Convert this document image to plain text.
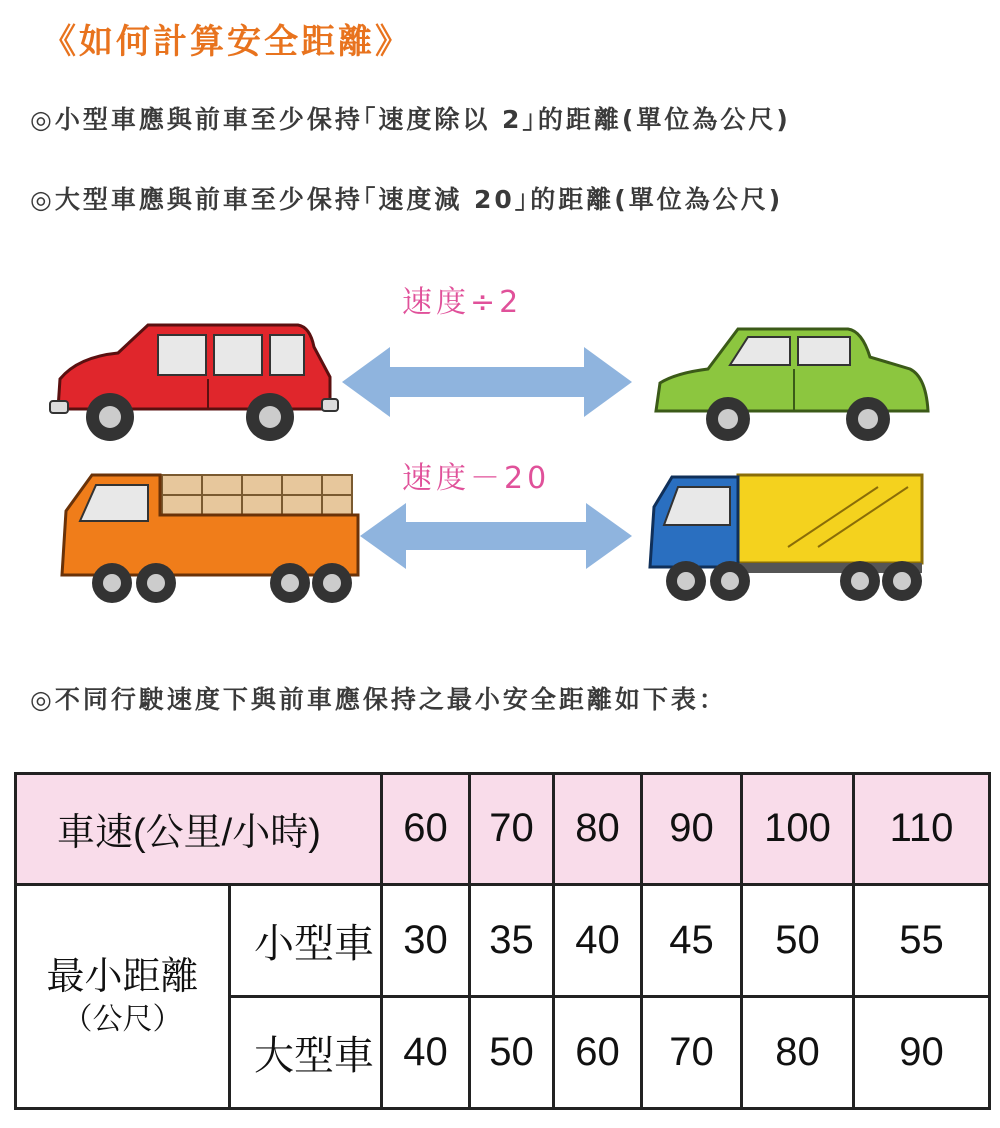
《如何計算安全距離》
◎小型車應與前車至少保持｢速度除以 2｣的距離(單位為公尺)
◎大型車應與前車至少保持｢速度減 20｣的距離(單位為公尺)
速度÷2
速度－20
◎不同行駛速度下與前車應保持之最小安全距離如下表：
車速(公里/小時)		60	70	80	90	100	110
最小距離
（公尺）	小型車	30	35	40	45	50	55
	大型車	40	50	60	70	80	90
